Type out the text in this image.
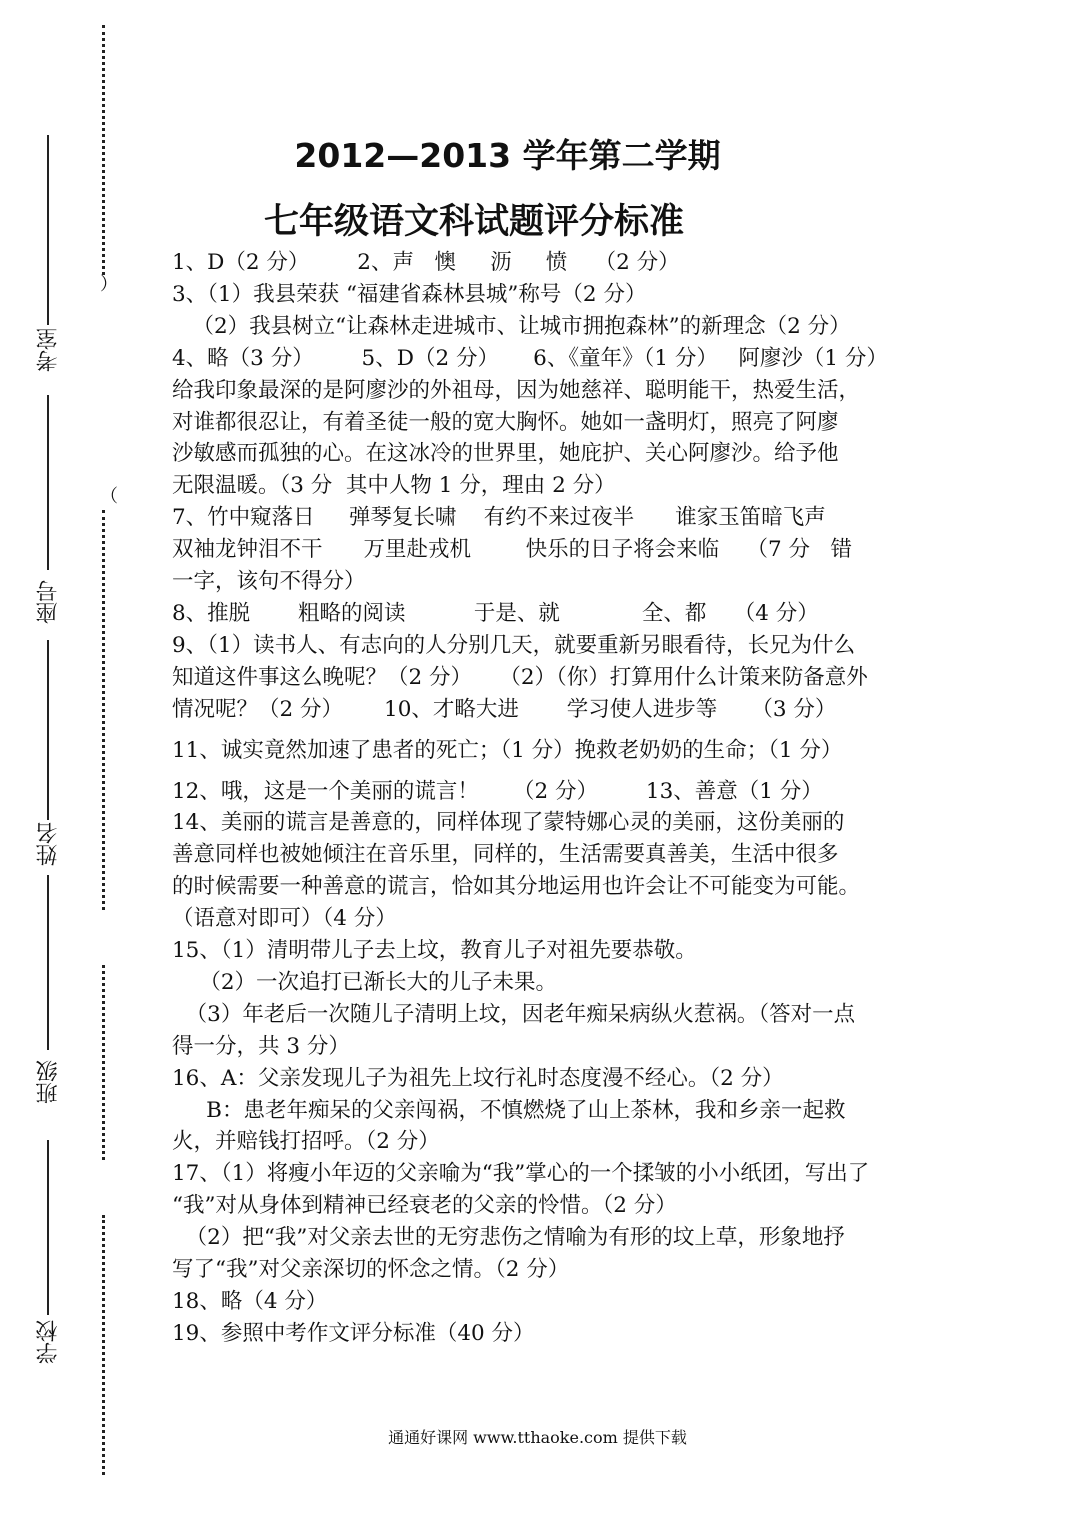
）
（
考室
座号
姓名
班级
学校
2012—2013 学年第二学期
七年级语文科试题评分标准

1、D（2 分）       2、声   懊     沥     愤    （2 分）

3、（1）我县荣获 “福建省森林县城”称号（2 分）

（2）我县树立“让森林走进城市、让城市拥抱森林”的新理念（2 分）

4、略（3 分）       5、D（2 分）     6、《童年》（1 分）   阿廖沙（1 分）

给我印象最深的是阿廖沙的外祖母，因为她慈祥、聪明能干，热爱生活，

对谁都很忍让，有着圣徒一般的宽大胸怀。她如一盏明灯，照亮了阿廖

沙敏感而孤独的心。在这冰冷的世界里，她庇护、关心阿廖沙。给予他

无限温暖。（3 分  其中人物 1 分，理由 2 分）

7、竹中窥落日     弹琴复长啸    有约不来过夜半      谁家玉笛暗飞声

双袖龙钟泪不干      万里赴戎机        快乐的日子将会来临    （7 分   错

一字，该句不得分）

8、推脱       粗略的阅读          于是、就            全、都    （4 分）

9、（1）读书人、有志向的人分别几天，就要重新另眼看待，长兄为什么

知道这件事这么晚呢？（2 分）    （2）（你）打算用什么计策来防备意外

情况呢？（2 分）      10、才略大进       学习使人进步等     （3 分）

11、诚实竟然加速了患者的死亡；（1 分）挽救老奶奶的生命；（1 分）

12、哦，这是一个美丽的谎言！     （2 分）       13、善意（1 分）

14、美丽的谎言是善意的，同样体现了蒙特娜心灵的美丽，这份美丽的

善意同样也被她倾注在音乐里，同样的，生活需要真善美，生活中很多

的时候需要一种善意的谎言，恰如其分地运用也许会让不可能变为可能。

（语意对即可）（4 分）

15、（1）清明带儿子去上坟，教育儿子对祖先要恭敬。

（2）一次追打已渐长大的儿子未果。

（3）年老后一次随儿子清明上坟，因老年痴呆病纵火惹祸。（答对一点

得一分，共 3 分）

16、A：父亲发现儿子为祖先上坟行礼时态度漫不经心。（2 分）

B：患老年痴呆的父亲闯祸，不慎燃烧了山上茶林，我和乡亲一起救

火，并赔钱打招呼。（2 分）

17、（1）将瘦小年迈的父亲喻为“我”掌心的一个揉皱的小小纸团，写出了

“我”对从身体到精神已经衰老的父亲的怜惜。（2 分）

（2）把“我”对父亲去世的无穷悲伤之情喻为有形的坟上草，形象地抒

写了“我”对父亲深切的怀念之情。（2 分）

18、略（4 分）

19、参照中考作文评分标准（40 分）

通通好课网 www.tthaoke.com 提供下载
